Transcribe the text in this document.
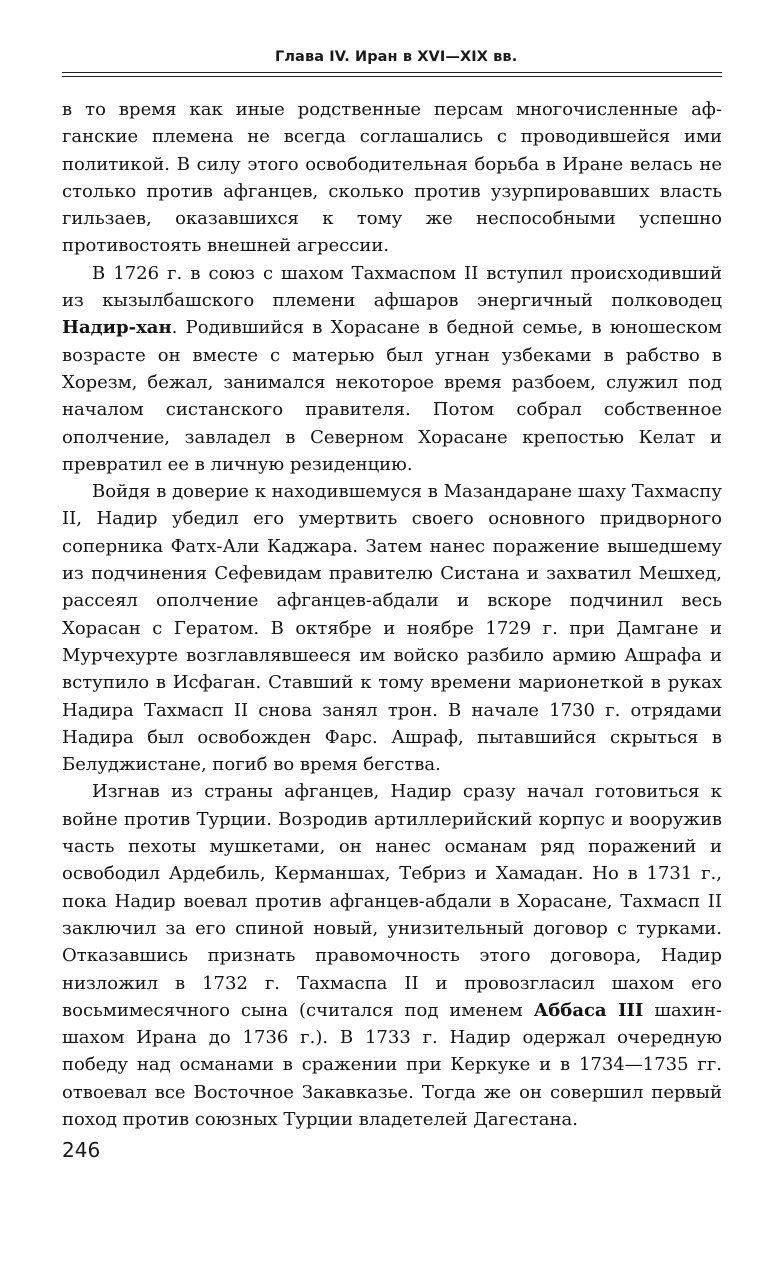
Глава IV. Иран в XVI—XIX вв.

в то время как иные родственные персам многочисленные афганские племена не всегда соглашались с проводившейся ими политикой. В силу этого освободительная борьба в Иране велась не столько против афганцев, сколько против узурпировавших власть гильзаев, оказавшихся к тому же неспособными успешно противостоять внешней агрессии.

В 1726 г. в союз с шахом Тахмаспом II вступил происходивший из кызылбашского племени афшаров энергичный полководец Надир-хан. Родившийся в Хорасане в бедной семье, в юношеском возрасте он вместе с матерью был угнан узбеками в рабство в Хорезм, бежал, занимался некоторое время разбоем, служил под началом систанского правителя. Потом собрал собственное ополчение, завладел в Северном Хорасане крепостью Келат и превратил ее в личную резиденцию.

Войдя в доверие к находившемуся в Мазандаране шаху Тахмаспу II, Надир убедил его умертвить своего основного придворного соперника Фатх-Али Каджара. Затем нанес поражение вышедшему из подчинения Сефевидам правителю Систана и захватил Мешхед, рассеял ополчение афганцев-абдали и вскоре подчинил весь Хорасан с Гератом. В октябре и ноябре 1729 г. при Дамгане и Мурчехурте возглавлявшееся им войско разбило армию Ашрафа и вступило в Исфаган. Ставший к тому времени марионеткой в руках Надира Тахмасп II снова занял трон. В начале 1730 г. отрядами Надира был освобожден Фарс. Ашраф, пытавшийся скрыться в Белуджистане, погиб во время бегства.

Изгнав из страны афганцев, Надир сразу начал готовиться к войне против Турции. Возродив артиллерийский корпус и вооружив часть пехоты мушкетами, он нанес османам ряд поражений и освободил Ардебиль, Керманшах, Тебриз и Хамадан. Но в 1731 г., пока Надир воевал против афганцев-абдали в Хорасане, Тахмасп II заключил за его спиной новый, унизительный договор с турками. Отказавшись признать правомочность этого договора, Надир низложил в 1732 г. Тахмаспа II и провозгласил шахом его восьмимесячного сына (считался под именем Аббаса III шахин-шахом Ирана до 1736 г.). В 1733 г. Надир одержал очередную победу над османами в сражении при Керкуке и в 1734—1735 гг. отвоевал все Восточное Закавказье. Тогда же он совершил первый поход против союзных Турции владетелей Дагестана.

246
